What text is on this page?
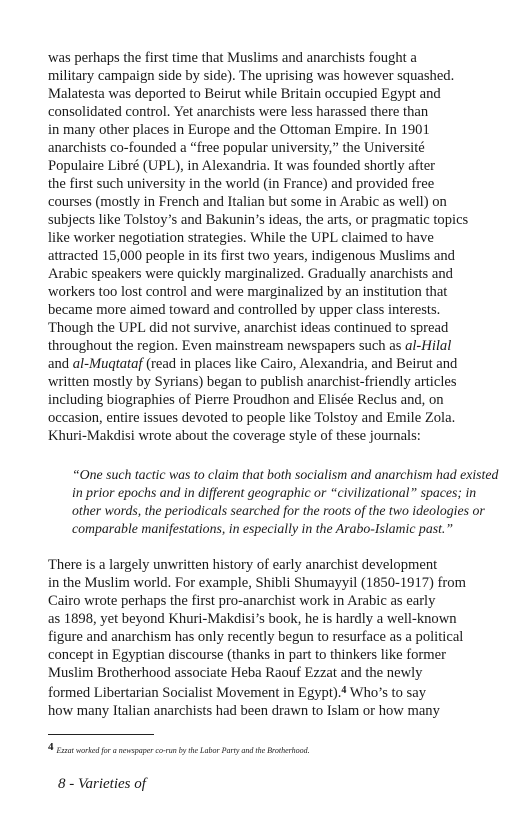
was perhaps the first time that Muslims and anarchists fought a
military campaign side by side). The uprising was however squashed.
Malatesta was deported to Beirut while Britain occupied Egypt and
consolidated control. Yet anarchists were less harassed there than
in many other places in Europe and the Ottoman Empire. In 1901
anarchists co-founded a “free popular university,” the Université
Populaire Libré (UPL), in Alexandria. It was founded shortly after
the first such university in the world (in France) and provided free
courses (mostly in French and Italian but some in Arabic as well) on
subjects like Tolstoy’s and Bakunin’s ideas, the arts, or pragmatic topics
like worker negotiation strategies. While the UPL claimed to have
attracted 15,000 people in its first two years, indigenous Muslims and
Arabic speakers were quickly marginalized. Gradually anarchists and
workers too lost control and were marginalized by an institution that
became more aimed toward and controlled by upper class interests.
Though the UPL did not survive, anarchist ideas continued to spread
throughout the region. Even mainstream newspapers such as al-Hilal
and al-Muqtataf (read in places like Cairo, Alexandria, and Beirut and
written mostly by Syrians) began to publish anarchist-friendly articles
including biographies of Pierre Proudhon and Elisée Reclus and, on
occasion, entire issues devoted to people like Tolstoy and Emile Zola.
Khuri-Makdisi wrote about the coverage style of these journals:
“One such tactic was to claim that both socialism and anarchism had existed
in prior epochs and in different geographic or “civilizational” spaces; in
other words, the periodicals searched for the roots of the two ideologies or
comparable manifestations, in especially in the Arabo-Islamic past.”
There is a largely unwritten history of early anarchist development
in the Muslim world. For example, Shibli Shumayyil (1850-1917) from
Cairo wrote perhaps the first pro-anarchist work in Arabic as early
as 1898, yet beyond Khuri-Makdisi’s book, he is hardly a well-known
figure and anarchism has only recently begun to resurface as a political
concept in Egyptian discourse (thanks in part to thinkers like former
Muslim Brotherhood associate Heba Raouf Ezzat and the newly
formed Libertarian Socialist Movement in Egypt).$^4$ Who’s to say
how many Italian anarchists had been drawn to Islam or how many
4 Ezzat worked for a newspaper co-run by the Labor Party and the Brotherhood.
8 - Varieties of
